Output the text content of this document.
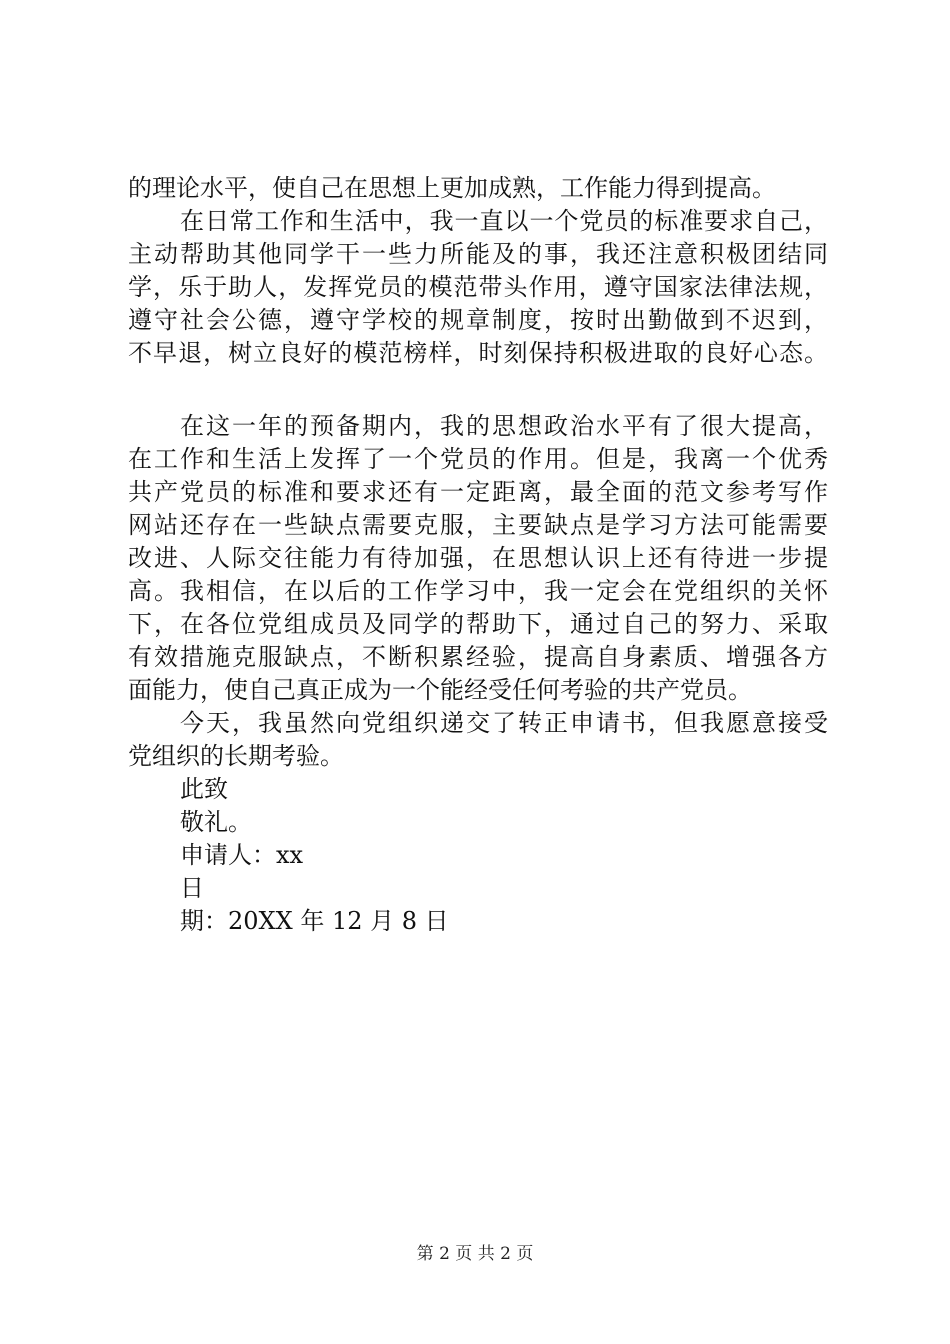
的理论水平，使自己在思想上更加成熟，工作能力得到提高。
在日常工作和生活中，我一直以一个党员的标准要求自己，
主动帮助其他同学干一些力所能及的事，我还注意积极团结同
学，乐于助人，发挥党员的模范带头作用，遵守国家法律法规，
遵守社会公德，遵守学校的规章制度，按时出勤做到不迟到，
不早退，树立良好的模范榜样，时刻保持积极进取的良好心态。
在这一年的预备期内，我的思想政治水平有了很大提高，
在工作和生活上发挥了一个党员的作用。但是，我离一个优秀
共产党员的标准和要求还有一定距离，最全面的范文参考写作
网站还存在一些缺点需要克服，主要缺点是学习方法可能需要
改进、人际交往能力有待加强，在思想认识上还有待进一步提
高。我相信，在以后的工作学习中，我一定会在党组织的关怀
下，在各位党组成员及同学的帮助下，通过自己的努力、采取
有效措施克服缺点，不断积累经验，提高自身素质、增强各方
面能力，使自己真正成为一个能经受任何考验的共产党员。
今天，我虽然向党组织递交了转正申请书，但我愿意接受
党组织的长期考验。
此致
敬礼。
申请人：xx
日
期：20XX 年 12 月 8 日
第 2 页 共 2 页
